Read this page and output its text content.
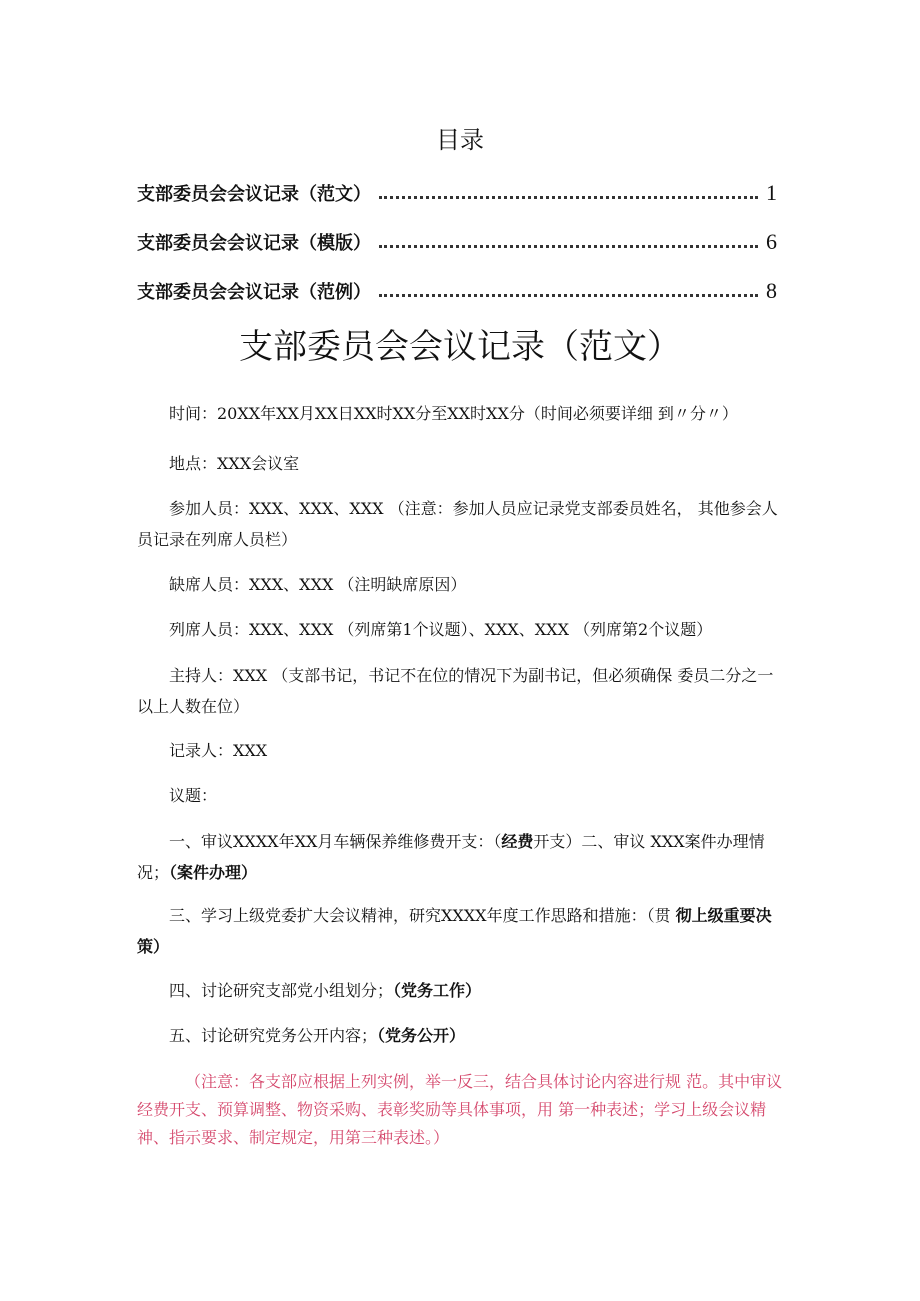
目录
支部委员会会议记录（范文）	1
支部委员会会议记录（模版）	6
支部委员会会议记录（范例）	8
支部委员会会议记录（范文）

时间：20XX年XX月XX日XX时XX分至XX时XX分（时间必须要详细 到〃分〃）

地点：XXX会议室

参加人员：XXX、XXX、XXX （注意：参加人员应记录党支部委员姓名， 其他参会人员记录在列席人员栏）

缺席人员：XXX、XXX （注明缺席原因）

列席人员：XXX、XXX （列席第1个议题）、XXX、XXX （列席第2个议题）

主持人：XXX （支部书记，书记不在位的情况下为副书记，但必须确保 委员二分之一以上人数在位）

记录人：XXX

议题：

一、审议XXXX年XX月车辆保养维修费开支：（经费开支）二、审议 XXX案件办理情况；（案件办理）

三、学习上级党委扩大会议精神，研究XXXX年度工作思路和措施：（贯 彻上级重要决策）

四、讨论研究支部党小组划分；（党务工作）

五、讨论研究党务公开内容；（党务公开）

（注意：各支部应根据上列实例，举一反三，结合具体讨论内容进行规 范。其中审议经费开支、预算调整、物资采购、表彰奖励等具体事项，用 第一种表述；学习上级会议精神、指示要求、制定规定，用第三种表述。）
